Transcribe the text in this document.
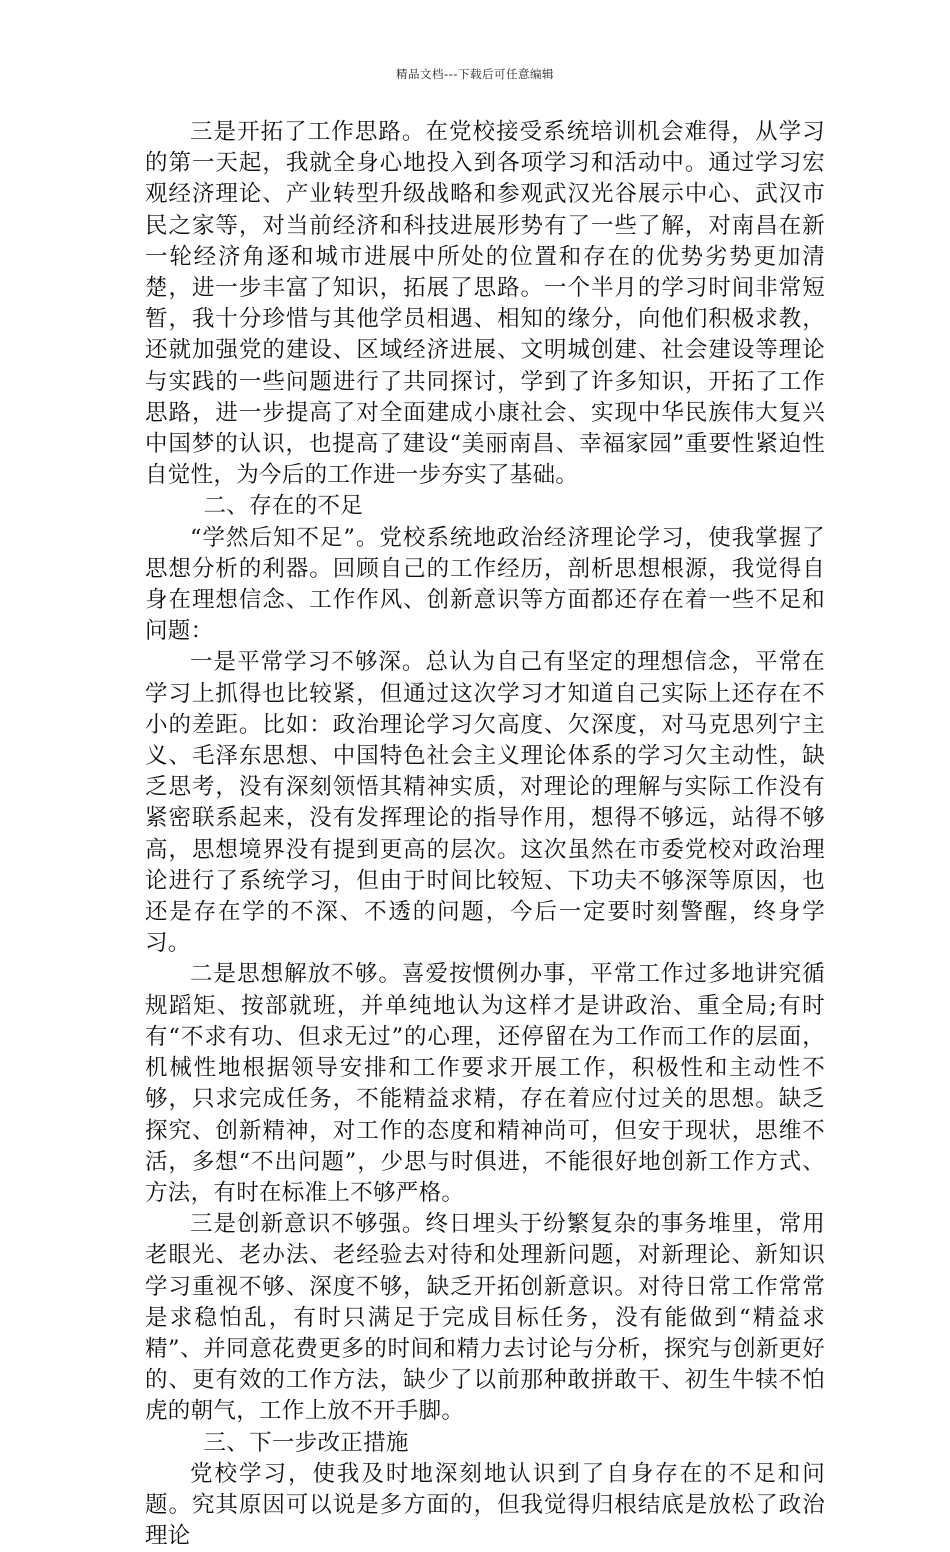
精品文档---下载后可任意编辑

三是开拓了工作思路。在党校接受系统培训机会难得，从学习的第一天起，我就全身心地投入到各项学习和活动中。通过学习宏观经济理论、产业转型升级战略和参观武汉光谷展示中心、武汉市民之家等，对当前经济和科技进展形势有了一些了解，对南昌在新一轮经济角逐和城市进展中所处的位置和存在的优势劣势更加清楚，进一步丰富了知识，拓展了思路。一个半月的学习时间非常短暂，我十分珍惜与其他学员相遇、相知的缘分，向他们积极求教，还就加强党的建设、区域经济进展、文明城创建、社会建设等理论与实践的一些问题进行了共同探讨，学到了许多知识，开拓了工作思路，进一步提高了对全面建成小康社会、实现中华民族伟大复兴中国梦的认识，也提高了建设“美丽南昌、幸福家园”重要性紧迫性自觉性，为今后的工作进一步夯实了基础。

二、存在的不足

“学然后知不足”。党校系统地政治经济理论学习，使我掌握了思想分析的利器。回顾自己的工作经历，剖析思想根源，我觉得自身在理想信念、工作作风、创新意识等方面都还存在着一些不足和问题：

一是平常学习不够深。总认为自己有坚定的理想信念，平常在学习上抓得也比较紧，但通过这次学习才知道自己实际上还存在不小的差距。比如：政治理论学习欠高度、欠深度，对马克思列宁主义、毛泽东思想、中国特色社会主义理论体系的学习欠主动性，缺乏思考，没有深刻领悟其精神实质，对理论的理解与实际工作没有紧密联系起来，没有发挥理论的指导作用，想得不够远，站得不够高，思想境界没有提到更高的层次。这次虽然在市委党校对政治理论进行了系统学习，但由于时间比较短、下功夫不够深等原因，也还是存在学的不深、不透的问题，今后一定要时刻警醒，终身学习。

二是思想解放不够。喜爱按惯例办事，平常工作过多地讲究循规蹈矩、按部就班，并单纯地认为这样才是讲政治、重全局;有时有“不求有功、但求无过”的心理，还停留在为工作而工作的层面，机械性地根据领导安排和工作要求开展工作，积极性和主动性不够，只求完成任务，不能精益求精，存在着应付过关的思想。缺乏探究、创新精神，对工作的态度和精神尚可，但安于现状，思维不活，多想“不出问题”，少思与时俱进，不能很好地创新工作方式、方法，有时在标准上不够严格。

三是创新意识不够强。终日埋头于纷繁复杂的事务堆里，常用老眼光、老办法、老经验去对待和处理新问题，对新理论、新知识学习重视不够、深度不够，缺乏开拓创新意识。对待日常工作常常是求稳怕乱，有时只满足于完成目标任务，没有能做到“精益求精”、并同意花费更多的时间和精力去讨论与分析，探究与创新更好的、更有效的工作方法，缺少了以前那种敢拼敢干、初生牛犊不怕虎的朝气，工作上放不开手脚。

三、下一步改正措施

党校学习，使我及时地深刻地认识到了自身存在的不足和问题。究其原因可以说是多方面的，但我觉得归根结底是放松了政治理论
